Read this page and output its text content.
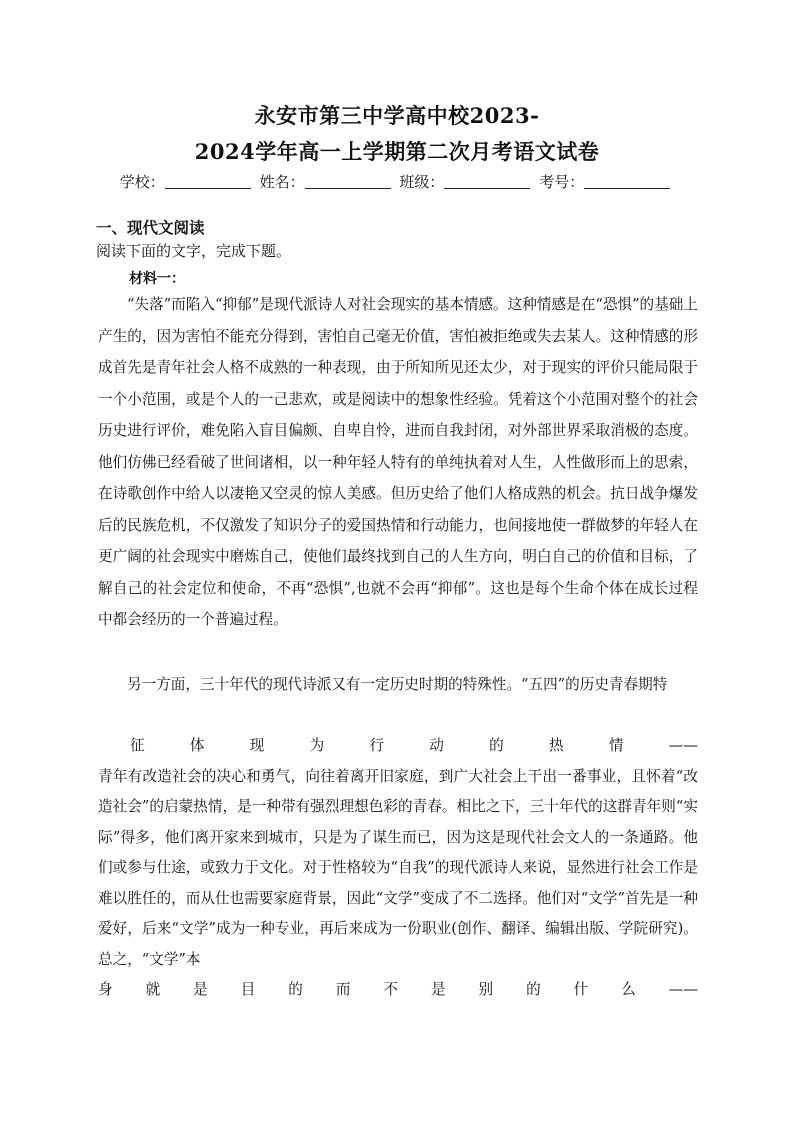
永安市第三中学高中校2023-
2024学年高一上学期第二次月考语文试卷
学校：	姓名：	班级：	考号：
一、现代文阅读
阅读下面的文字，完成下题。
材料一：
“失落”而陷入“抑郁”是现代派诗人对社会现实的基本情感。这种情感是在“恐惧”的基础上产生的，因为害怕不能充分得到，害怕自己毫无价值，害怕被拒绝或失去某人。这种情感的形成首先是青年社会人格不成熟的一种表现，由于所知所见还太少，对于现实的评价只能局限于一个小范围，或是个人的一己悲欢，或是阅读中的想象性经验。凭着这个小范围对整个的社会历史进行评价，难免陷入盲目偏颇、自卑自怜，进而自我封闭，对外部世界采取消极的态度。他们仿佛已经看破了世间诸相，以一种年轻人特有的单纯执着对人生，人性做形而上的思索，在诗歌创作中给人以凄艳又空灵的惊人美感。但历史给了他们人格成熟的机会。抗日战争爆发后的民族危机，不仅激发了知识分子的爱国热情和行动能力，也间接地使一群做梦的年轻人在更广阔的社会现实中磨炼自己，使他们最终找到自己的人生方向，明白自己的价值和目标，了解自己的社会定位和使命，不再“恐惧”,也就不会再“抑郁”。这也是每个生命个体在成长过程中都会经历的一个普遍过程。
另一方面，三十年代的现代诗派又有一定历史时期的特殊性。“五四”的历史青春期特
征	体	现	为	行	动	的	热	情	——
青年有改造社会的决心和勇气，向往着离开旧家庭，到广大社会上干出一番事业，且怀着“改造社会”的启蒙热情，是一种带有强烈理想色彩的青春。相比之下，三十年代的这群青年则“实际”得多，他们离开家来到城市，只是为了谋生而已，因为这是现代社会文人的一条通路。他们或参与仕途，或致力于文化。对于性格较为“自我”的现代派诗人来说，显然进行社会工作是难以胜任的，而从仕也需要家庭背景，因此“文学”变成了不二选择。他们对“文学”首先是一种爱好，后来“文学”成为一种专业，再后来成为一份职业(创作、翻译、编辑出版、学院研究)。总之，“文学”本
身 就 是 目 的 而 不 是 别 的 什 么 ——
